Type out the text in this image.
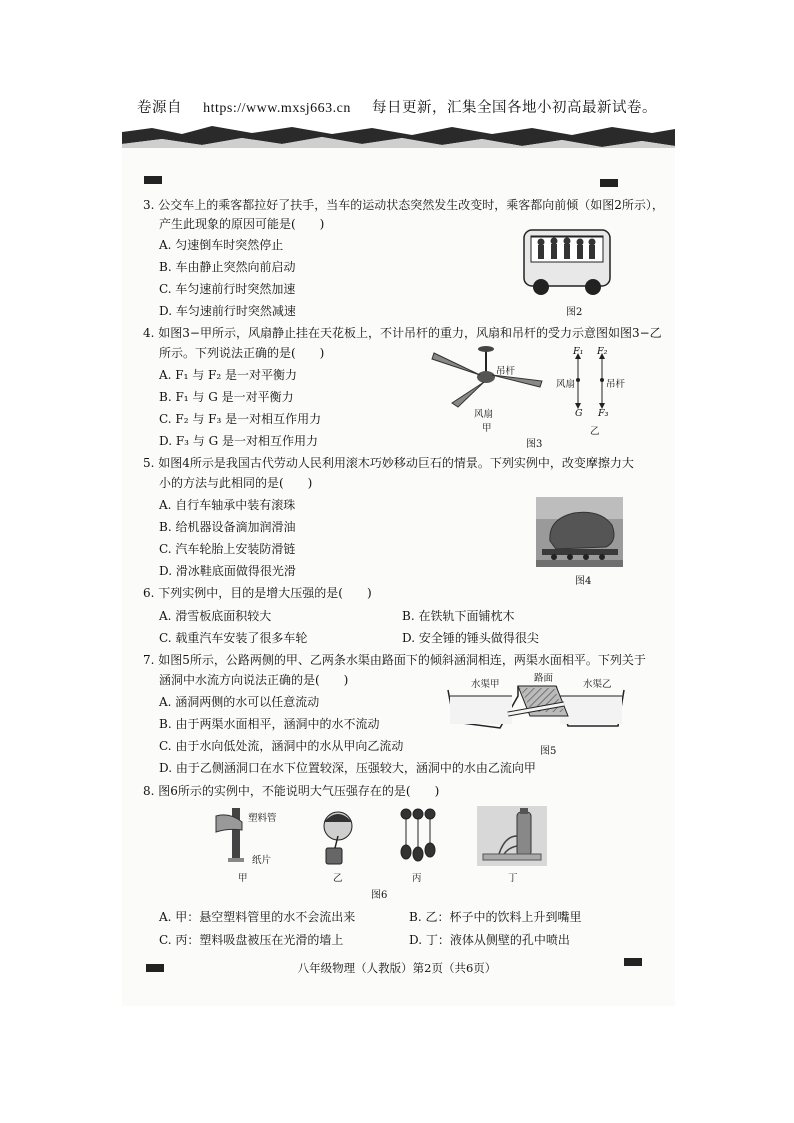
卷源自 https://www.mxsj663.cn 每日更新，汇集全国各地小初高最新试卷。
3. 公交车上的乘客都拉好了扶手，当车的运动状态突然发生改变时，乘客都向前倾（如图2所示），
产生此现象的原因可能是(　　)
A. 匀速倒车时突然停止
B. 车由静止突然向前启动
C. 车匀速前行时突然加速
D. 车匀速前行时突然减速	图2
4. 如图3−甲所示，风扇静止挂在天花板上，不计吊杆的重力，风扇和吊杆的受力示意图如图3−乙
所示。下列说法正确的是(　　)
A. F₁ 与 F₂ 是一对平衡力
B. F₁ 与 G 是一对平衡力
C. F₂ 与 F₃ 是一对相互作用力
D. F₃ 与 G 是一对相互作用力
吊杆
风扇
甲
F₁ F₂
风扇	吊杆
G F₃
乙
图3
5. 如图4所示是我国古代劳动人民利用滚木巧妙移动巨石的情景。下列实例中，改变摩擦力大
小的方法与此相同的是(　　)
A. 自行车轴承中装有滚珠
B. 给机器设备滴加润滑油
C. 汽车轮胎上安装防滑链
D. 滑冰鞋底面做得很光滑
图4
6. 下列实例中，目的是增大压强的是(　　)
A. 滑雪板底面积较大	B. 在铁轨下面铺枕木
C. 载重汽车安装了很多车轮	D. 安全锤的锤头做得很尖
7. 如图5所示，公路两侧的甲、乙两条水渠由路面下的倾斜涵洞相连，两渠水面相平。下列关于
涵洞中水流方向说法正确的是(　　)
A. 涵洞两侧的水可以任意流动
B. 由于两渠水面相平，涵洞中的水不流动
C. 由于水向低处流，涵洞中的水从甲向乙流动
D. 由于乙侧涵洞口在水下位置较深，压强较大，涵洞中的水由乙流向甲
水渠甲
路面
水渠乙
图5
8. 图6所示的实例中，不能说明大气压强存在的是(　　)
塑料管
纸片
甲	乙	丙	丁
图6
A. 甲：悬空塑料管里的水不会流出来	B. 乙：杯子中的饮料上升到嘴里
C. 丙：塑料吸盘被压在光滑的墙上	D. 丁：液体从侧壁的孔中喷出
八年级物理（人教版）第2页（共6页）
